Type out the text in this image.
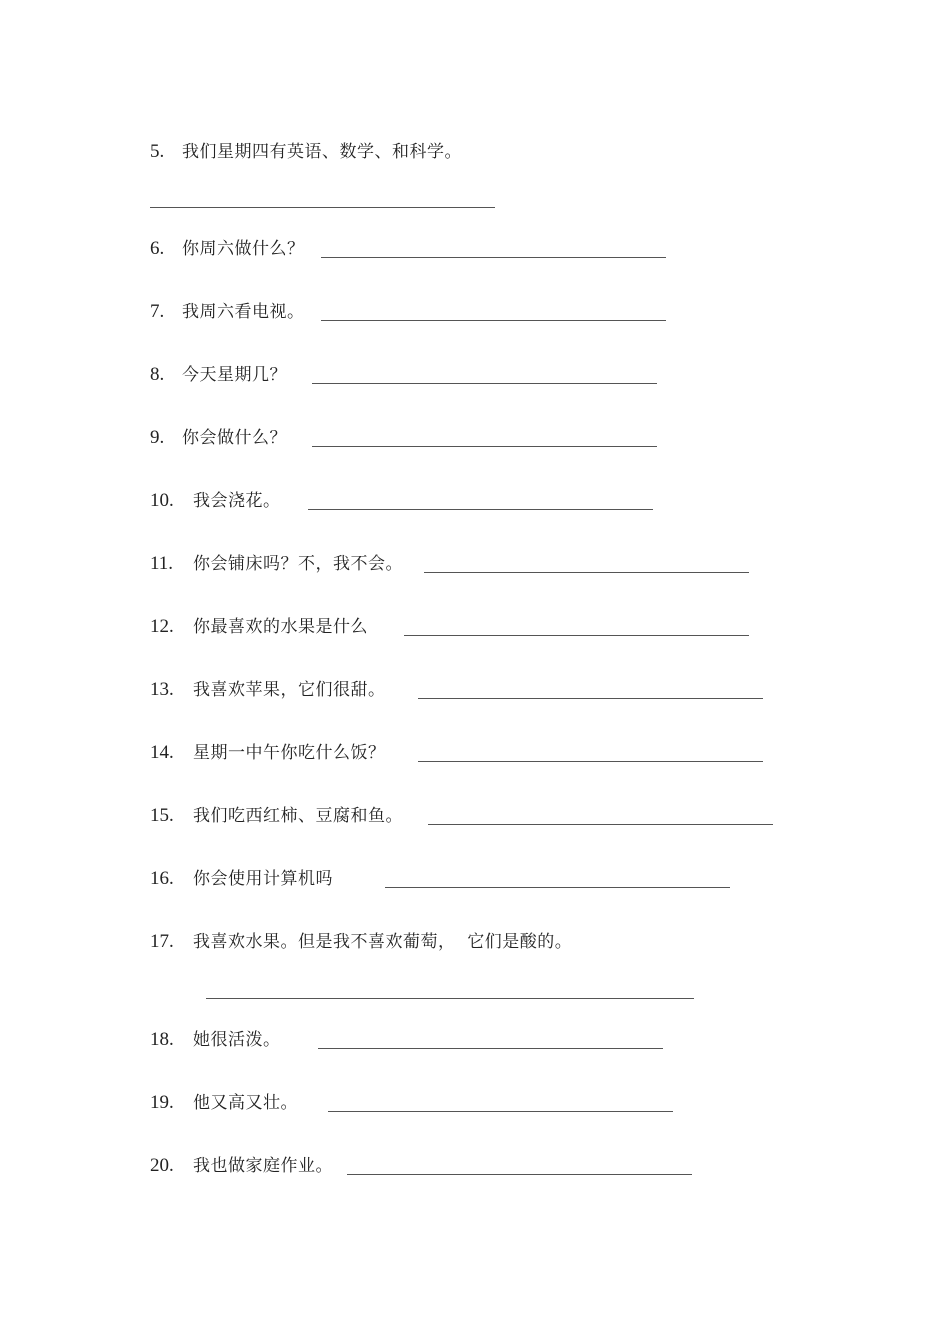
5. 我们星期四有英语、数学、和科学。
6. 你周六做什么？
7. 我周六看电视。
8. 今天星期几？
9. 你会做什么？
10. 我会浇花。
11. 你会铺床吗？不，我不会。
12. 你最喜欢的水果是什么
13. 我喜欢苹果，它们很甜。
14. 星期一中午你吃什么饭？
15. 我们吃西红柿、豆腐和鱼。
16. 你会使用计算机吗
17. 我喜欢水果。但是我不喜欢葡萄，  它们是酸的。
18. 她很活泼。
19. 他又高又壮。
20. 我也做家庭作业。
